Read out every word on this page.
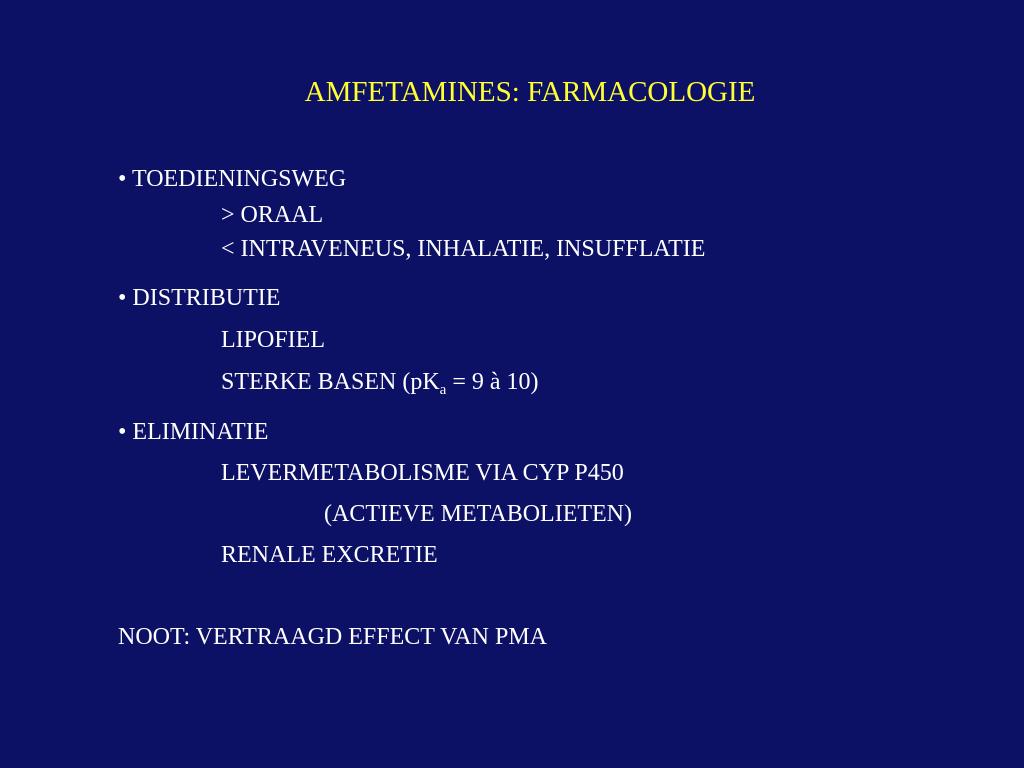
AMFETAMINES: FARMACOLOGIE
• TOEDIENINGSWEG
> ORAAL
< INTRAVENEUS, INHALATIE, INSUFFLATIE
• DISTRIBUTIE
LIPOFIEL
STERKE BASEN ($pK_a = 9$ à 10)
• ELIMINATIE
LEVERMETABOLISME VIA CYP P450
(ACTIEVE METABOLIETEN)
RENALE EXCRETIE
NOOT: VERTRAAGD EFFECT VAN PMA
